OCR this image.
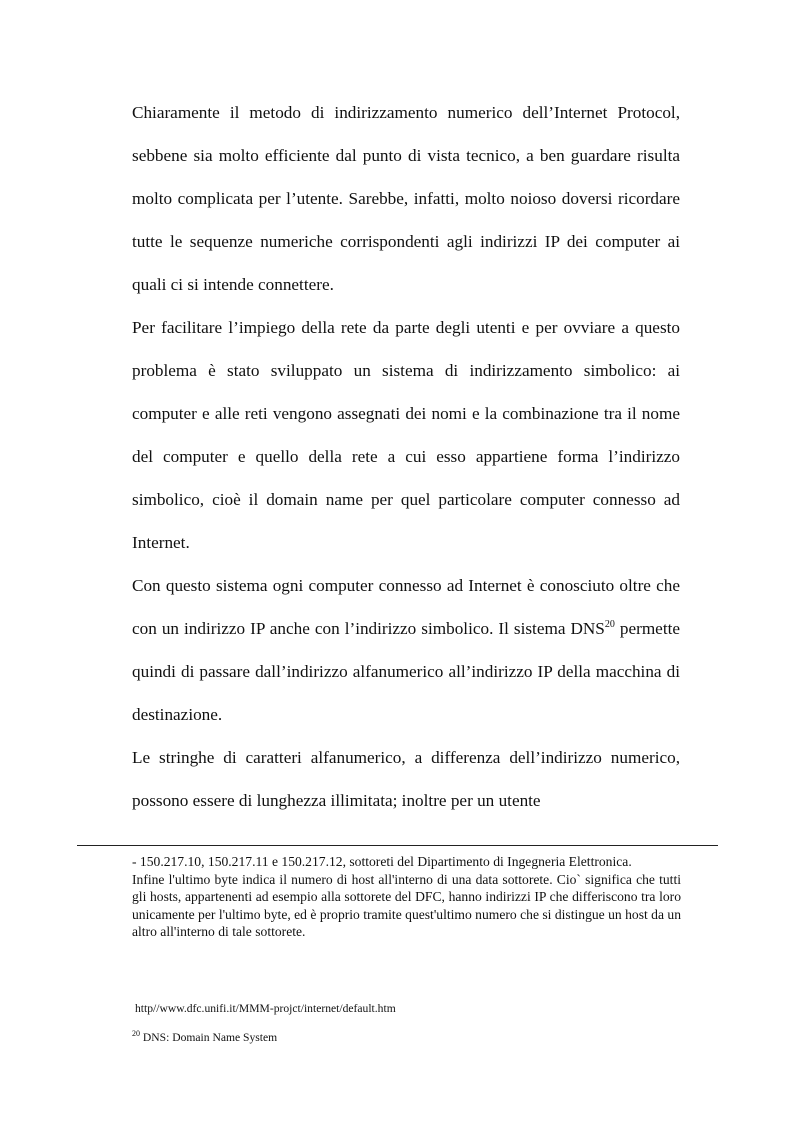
Chiaramente il metodo di indirizzamento numerico dell’Internet Protocol, sebbene sia molto efficiente dal punto di vista tecnico, a ben guardare risulta molto complicata per l’utente. Sarebbe, infatti, molto noioso doversi ricordare tutte le sequenze numeriche corrispondenti agli indirizzi IP dei computer ai quali ci si intende connettere.

Per facilitare l’impiego della rete da parte degli utenti e per ovviare a questo problema è stato sviluppato un sistema di indirizzamento simbolico: ai computer e alle reti vengono assegnati dei nomi e la combinazione tra il nome del computer e quello della rete a cui esso appartiene forma l’indirizzo simbolico, cioè il domain name per quel particolare computer connesso ad Internet.

Con questo sistema ogni computer connesso ad Internet è conosciuto oltre che con un indirizzo IP anche con l’indirizzo simbolico. Il sistema DNS$^{20}$ permette quindi di passare dall’indirizzo alfanumerico all’indirizzo IP della macchina di destinazione.

Le stringhe di caratteri alfanumerico, a differenza dell’indirizzo numerico, possono essere di lunghezza illimitata; inoltre per un utente

- 150.217.10, 150.217.11 e 150.217.12, sottoreti del Dipartimento di Ingegneria Elettronica.

Infine l'ultimo byte indica il numero di host all'interno di una data sottorete. Cio` significa che tutti gli hosts, appartenenti ad esempio alla sottorete del DFC, hanno indirizzi IP che differiscono tra loro unicamente per l'ultimo byte, ed è proprio tramite quest'ultimo numero che si distingue un host da un altro all'interno di tale sottorete.

http//www.dfc.unifi.it/MMM-projct/internet/default.htm
$^{20}$ DNS: Domain Name System
